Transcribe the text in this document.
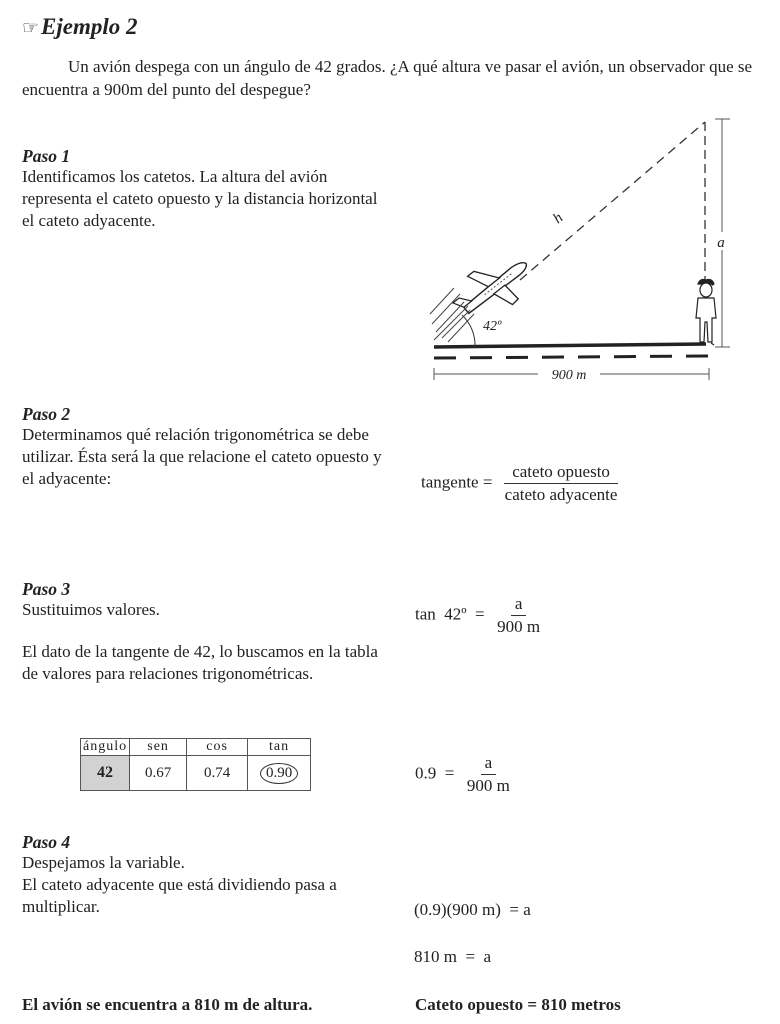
☞Ejemplo 2
Un avión despega con un ángulo de 42 grados. ¿A qué altura ve pasar el avión, un observador que se encuentra a 900m del punto del despegue?
Paso 1
Identificamos los catetos. La altura del avión representa el cateto opuesto y la distancia horizontal el cateto adyacente.
a
h
42º
900 m
Paso 2
Determinamos qué relación trigonométrica se debe utilizar. Ésta será la que relacione el cateto opuesto y el adyacente:	tangente = $\frac{\text{cateto opuesto}}{\text{cateto adyacente}}$
Paso 3
Sustituimos valores.
El dato de la tangente de 42, lo buscamos en la tabla de valores para relaciones trigonométricas.
tan  42º  = $\frac{a}{900 m}$
ángulo	sen	cos	tan
42	0.67	0.74	0.90	$0.9 = \frac{a}{900 m}$
Paso 4
Despejamos la variable.
El cateto adyacente que está dividiendo pasa a multiplicar.	(0.9)(900 m)  = a
810 m  =  a
El avión se encuentra a 810 m de altura.	Cateto opuesto = 810 metros
